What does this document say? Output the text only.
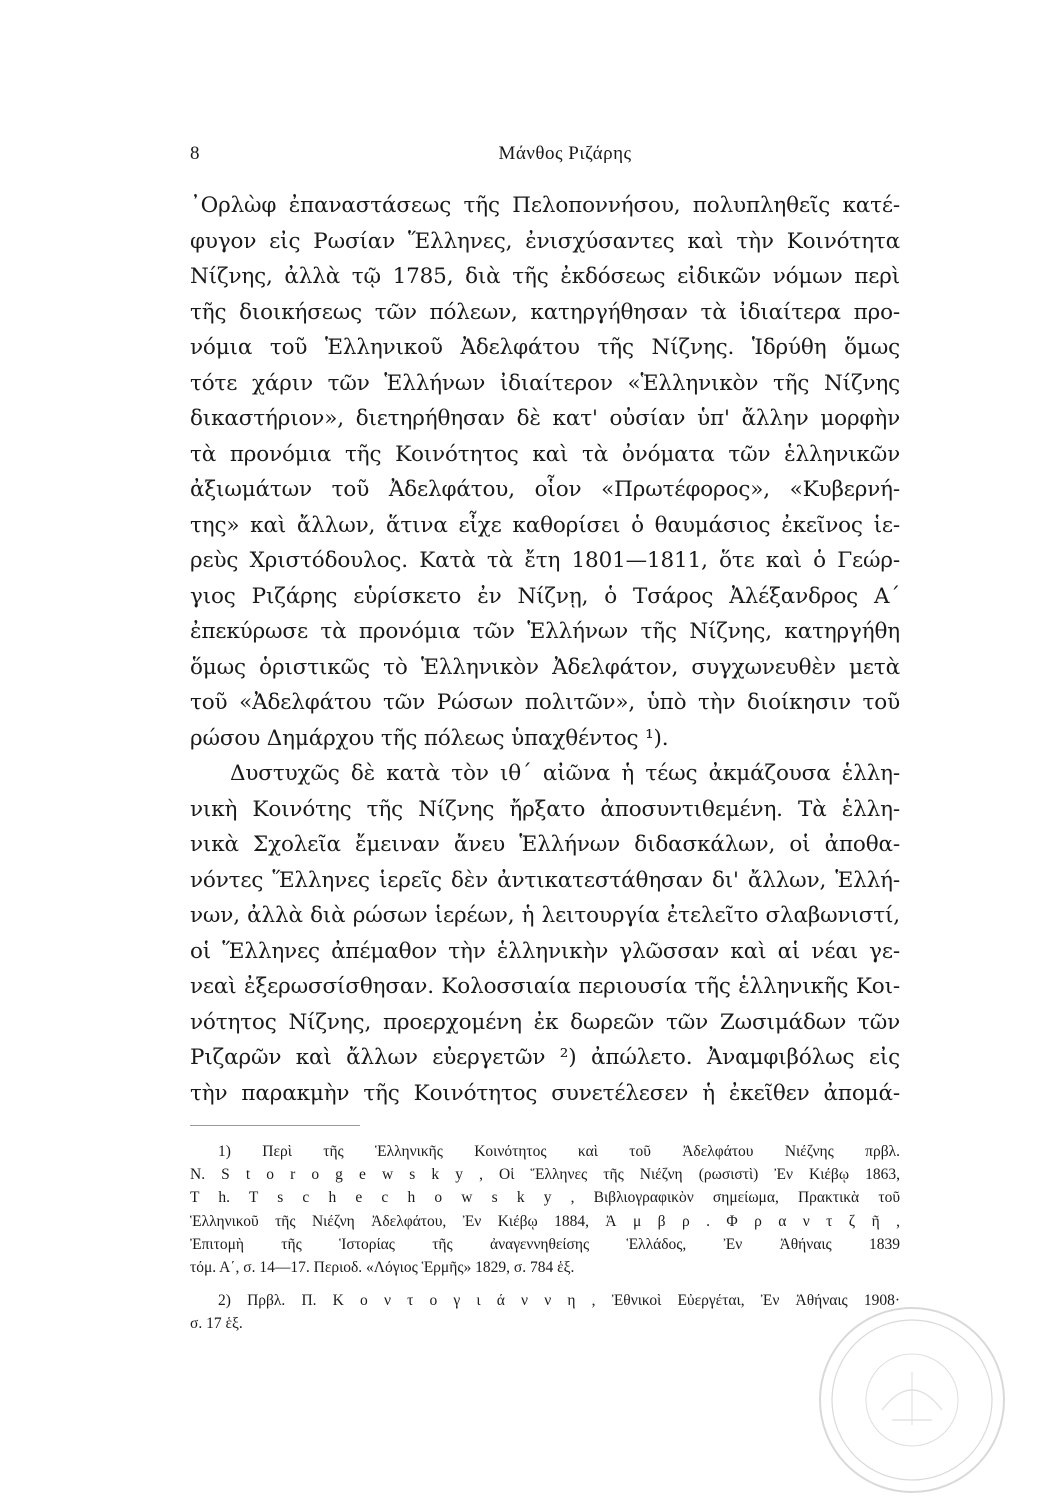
8	Μάνθος Ριζάρης
᾿Ορλὼφ ἐπαναστάσεως τῆς Πελοποννήσου, πολυπληθεῖς κατέ-
φυγον εἰς Ρωσίαν Ἕλληνες, ἐνισχύσαντες καὶ τὴν Κοινότητα
Νίζνης, ἀλλὰ τῷ 1785, διὰ τῆς ἐκδόσεως εἰδικῶν νόμων περὶ
τῆς διοικήσεως τῶν πόλεων, κατηργήθησαν τὰ ἰδιαίτερα προ-
νόμια τοῦ Ἑλληνικοῦ Ἀδελφάτου τῆς Νίζνης. Ἱδρύθη ὅμως
τότε χάριν τῶν Ἑλλήνων ἰδιαίτερον «Ἑλληνικὸν τῆς Νίζνης
δικαστήριον», διετηρήθησαν δὲ κατ' οὐσίαν ὑπ' ἄλλην μορφὴν
τὰ προνόμια τῆς Κοινότητος καὶ τὰ ὀνόματα τῶν ἑλληνικῶν
ἀξιωμάτων τοῦ Ἀδελφάτου, οἷον «Πρωτέφορος», «Κυβερνή-
της» καὶ ἄλλων, ἅτινα εἶχε καθορίσει ὁ θαυμάσιος ἐκεῖνος ἱε-
ρεὺς Χριστόδουλος. Κατὰ τὰ ἔτη 1801—1811, ὅτε καὶ ὁ Γεώρ-
γιος Ριζάρης εὑρίσκετο ἐν Νίζνῃ, ὁ Τσάρος Ἀλέξανδρος Α΄
ἐπεκύρωσε τὰ προνόμια τῶν Ἑλλήνων τῆς Νίζνης, κατηργήθη
ὅμως ὁριστικῶς τὸ Ἑλληνικὸν Ἀδελφάτον, συγχωνευθὲν μετὰ
τοῦ «Ἀδελφάτου τῶν Ρώσων πολιτῶν», ὑπὸ τὴν διοίκησιν τοῦ
ρώσου Δημάρχου τῆς πόλεως ὑπαχθέντος ¹).
Δυστυχῶς δὲ κατὰ τὸν ιθ΄ αἰῶνα ἡ τέως ἀκμάζουσα ἑλλη-
νικὴ Κοινότης τῆς Νίζνης ἤρξατο ἀποσυντιθεμένη. Τὰ ἑλλη-
νικὰ Σχολεῖα ἔμειναν ἄνευ Ἑλλήνων διδασκάλων, οἱ ἀποθα-
νόντες Ἕλληνες ἱερεῖς δὲν ἀντικατεστάθησαν δι' ἄλλων, Ἑλλή-
νων, ἀλλὰ διὰ ρώσων ἱερέων, ἡ λειτουργία ἐτελεῖτο σλαβωνιστί,
οἱ Ἕλληνες ἀπέμαθον τὴν ἑλληνικὴν γλῶσσαν καὶ αἱ νέαι γε-
νεαὶ ἐξερωσσίσθησαν. Κολοσσιαία περιουσία τῆς ἑλληνικῆς Κοι-
νότητος Νίζνης, προερχομένη ἐκ δωρεῶν τῶν Ζωσιμάδων τῶν
Ριζαρῶν καὶ ἄλλων εὐεργετῶν ²) ἀπώλετο. Ἀναμφιβόλως εἰς
τὴν παρακμὴν τῆς Κοινότητος συνετέλεσεν ἡ ἐκεῖθεν ἀπομά-
1) Περὶ τῆς Ἑλληνικῆς Κοινότητος καὶ τοῦ Ἀδελφάτου Νιέζνης πρβλ.
N. S t o r o g e w s k y , Οἱ Ἕλληνες τῆς Νιέζνη (ρωσιστὶ) Ἐν Κιέβῳ 1863,
T h. T s c h e c h o w s k y , Βιβλιογραφικὸν σημείωμα, Πρακτικὰ τοῦ
Ἑλληνικοῦ τῆς Νιέζνη Ἀδελφάτου, Ἐν Κιέβῳ 1884, Ἀ μ β ρ . Φ ρ α ν τ ζ ῆ ,
Ἐπιτομὴ τῆς Ἱστορίας τῆς ἀναγεννηθείσης Ἑλλάδος, Ἐν Ἀθήναις 1839
τόμ. Α΄, σ. 14—17. Περιοδ. «Λόγιος Ἑρμῆς» 1829, σ. 784 ἑξ.
2) Πρβλ. Π. Κ ο ν τ ο γ ι ά ν ν η , Ἐθνικοὶ Εὐεργέται, Ἐν Ἀθήναις 1908·
σ. 17 ἑξ.
